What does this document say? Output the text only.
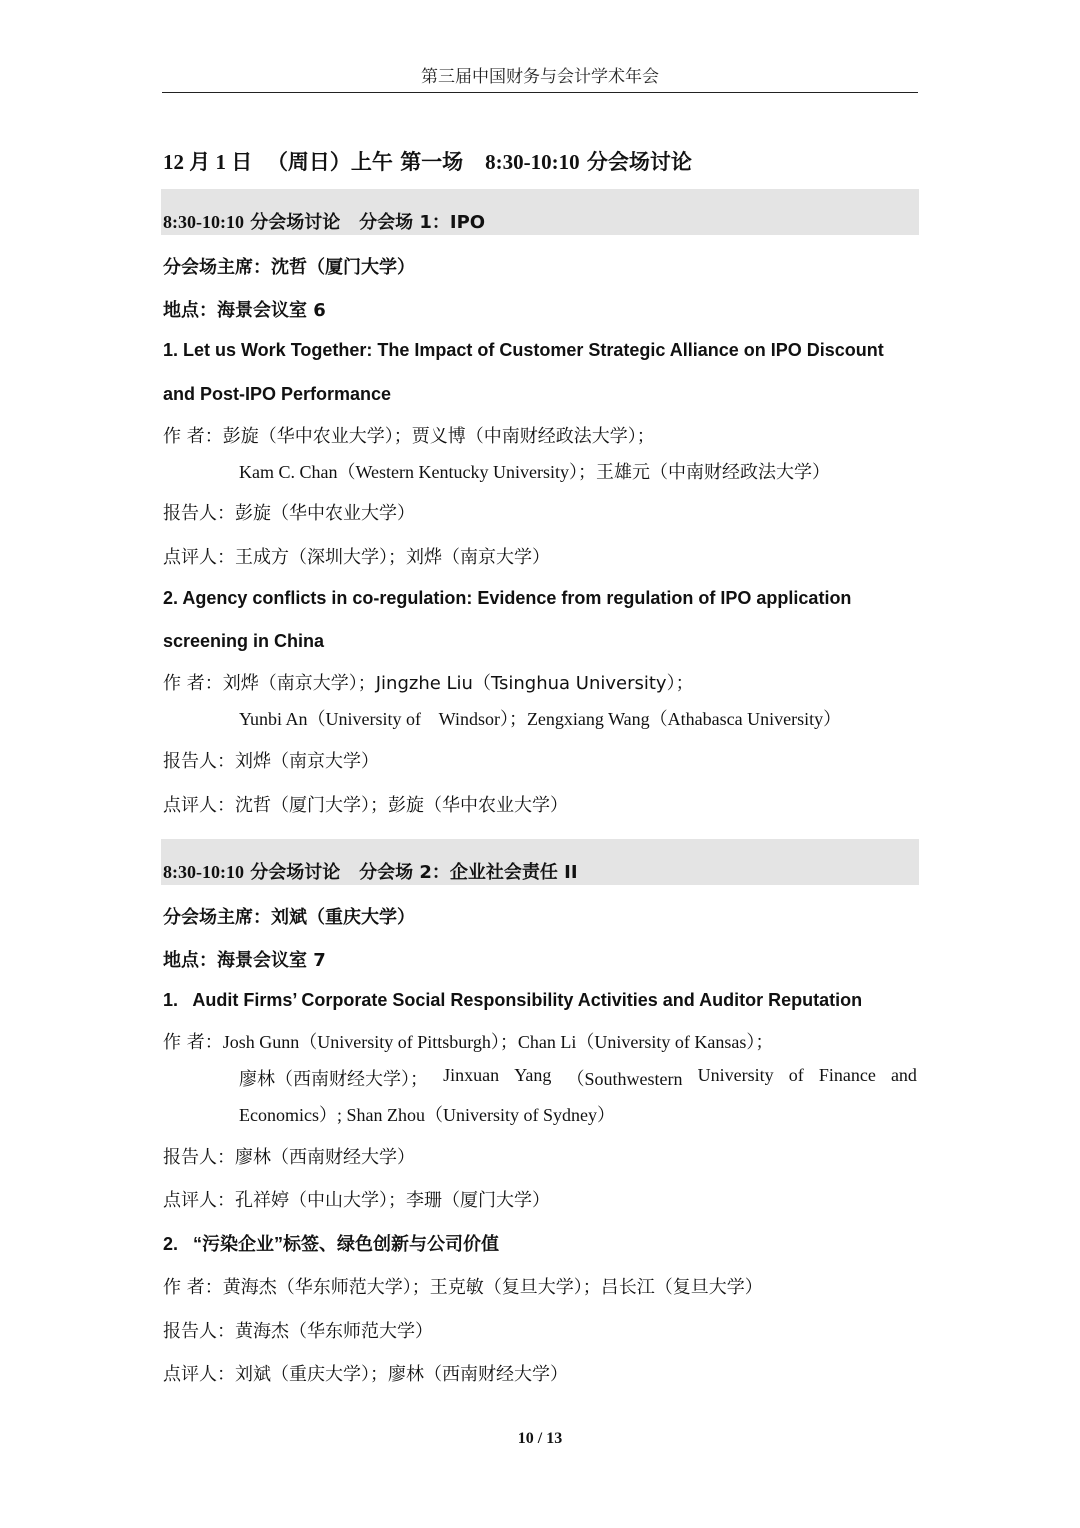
第三届中国财务与会计学术年会
12 月 1 日 （周日）上午 第一场 8:30-10:10 分会场讨论
8:30-10:10 分会场讨论 分会场 1：IPO
分会场主席：沈哲（厦门大学）
地点：海景会议室 6
1. Let us Work Together: The Impact of Customer Strategic Alliance on IPO Discount
and Post-IPO Performance
作 者：彭旋（华中农业大学）；贾义博（中南财经政法大学）；
Kam C. Chan（Western Kentucky University）；王雄元（中南财经政法大学）
报告人：彭旋（华中农业大学）
点评人：王成方（深圳大学）；刘烨（南京大学）
2. Agency conflicts in co-regulation: Evidence from regulation of IPO application
screening in China
作 者：刘烨（南京大学）；Jingzhe Liu（Tsinghua University）；
Yunbi An（University of    Windsor）；Zengxiang Wang（Athabasca University）
报告人：刘烨（南京大学）
点评人：沈哲（厦门大学）；彭旋（华中农业大学）
8:30-10:10 分会场讨论 分会场 2：企业社会责任 II
分会场主席：刘斌（重庆大学）
地点：海景会议室 7
1.   Audit Firms’ Corporate Social Responsibility Activities and Auditor Reputation
作 者：Josh Gunn（University of Pittsburgh）；Chan Li（University of Kansas）；
廖林（西南财经大学）； Jinxuan Yang （Southwestern University of Finance and
Economics）; Shan Zhou（University of Sydney）
报告人：廖林（西南财经大学）
点评人：孔祥婷（中山大学）；李珊（厦门大学）
2.   “污染企业”标签、绿色创新与公司价值
作 者：黄海杰（华东师范大学）；王克敏（复旦大学）；吕长江（复旦大学）
报告人：黄海杰（华东师范大学）
点评人：刘斌（重庆大学）；廖林（西南财经大学）
10 / 13
